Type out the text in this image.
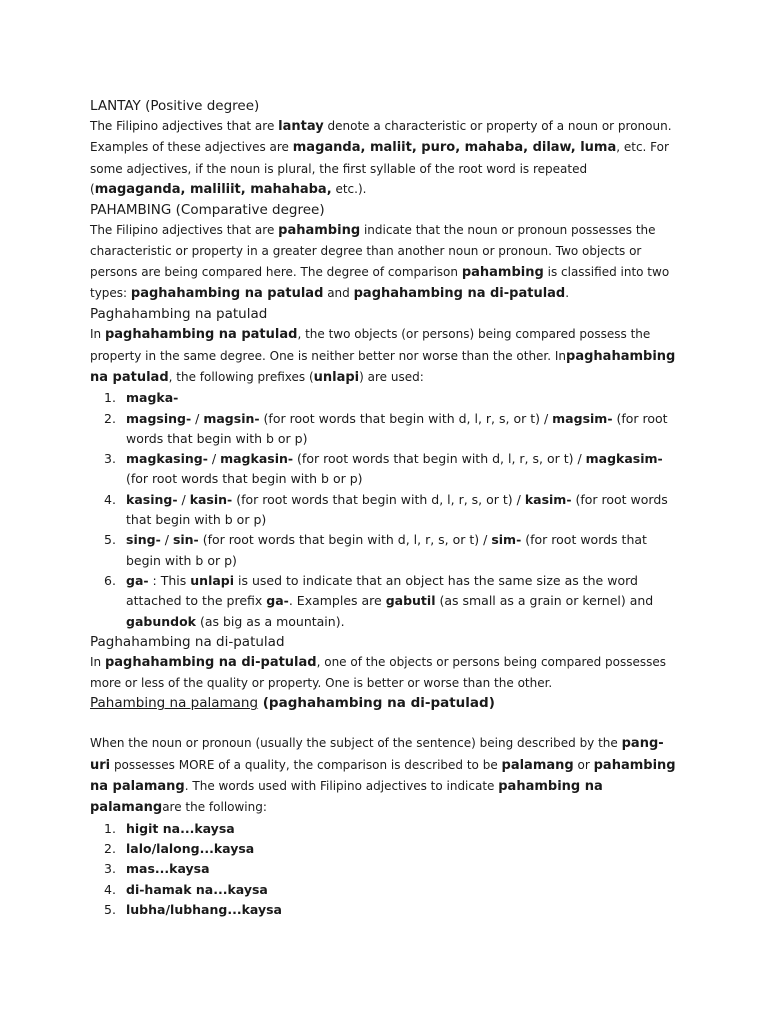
LANTAY (Positive degree)

The Filipino adjectives that are lantay denote a characteristic or property of a noun or pronoun. Examples of these adjectives are maganda, maliit, puro, mahaba, dilaw, luma, etc. For some adjectives, if the noun is plural, the first syllable of the root word is repeated (magaganda, maliliit, mahahaba, etc.).

PAHAMBING (Comparative degree)

The Filipino adjectives that are pahambing indicate that the noun or pronoun possesses the characteristic or property in a greater degree than another noun or pronoun. Two objects or persons are being compared here. The degree of comparison pahambing is classified into two types: paghahambing na patulad and paghahambing na di-patulad.

Paghahambing na patulad

In paghahambing na patulad, the two objects (or persons) being compared possess the property in the same degree. One is neither better nor worse than the other. Inpaghahambing na patulad, the following prefixes (unlapi) are used:

1. magka-
2. magsing- / magsin- (for root words that begin with d, l, r, s, or t) / magsim- (for root words that begin with b or p)
3. magkasing- / magkasin- (for root words that begin with d, l, r, s, or t) / magkasim- (for root words that begin with b or p)
4. kasing- / kasin- (for root words that begin with d, l, r, s, or t) / kasim- (for root words that begin with b or p)
5. sing- / sin- (for root words that begin with d, l, r, s, or t) / sim- (for root words that begin with b or p)
6. ga- : This unlapi is used to indicate that an object has the same size as the word attached to the prefix ga-. Examples are gabutil (as small as a grain or kernel) and gabundok (as big as a mountain).

Paghahambing na di-patulad

In paghahambing na di-patulad, one of the objects or persons being compared possesses more or less of the quality or property. One is better or worse than the other.

Pahambing na palamang (paghahambing na di-patulad)

When the noun or pronoun (usually the subject of the sentence) being described by the pang-uri possesses MORE of a quality, the comparison is described to be palamang or pahambing na palamang. The words used with Filipino adjectives to indicate pahambing na palamangare the following:

1. higit na...kaysa
2. lalo/lalong...kaysa
3. mas...kaysa
4. di-hamak na...kaysa
5. lubha/lubhang...kaysa
